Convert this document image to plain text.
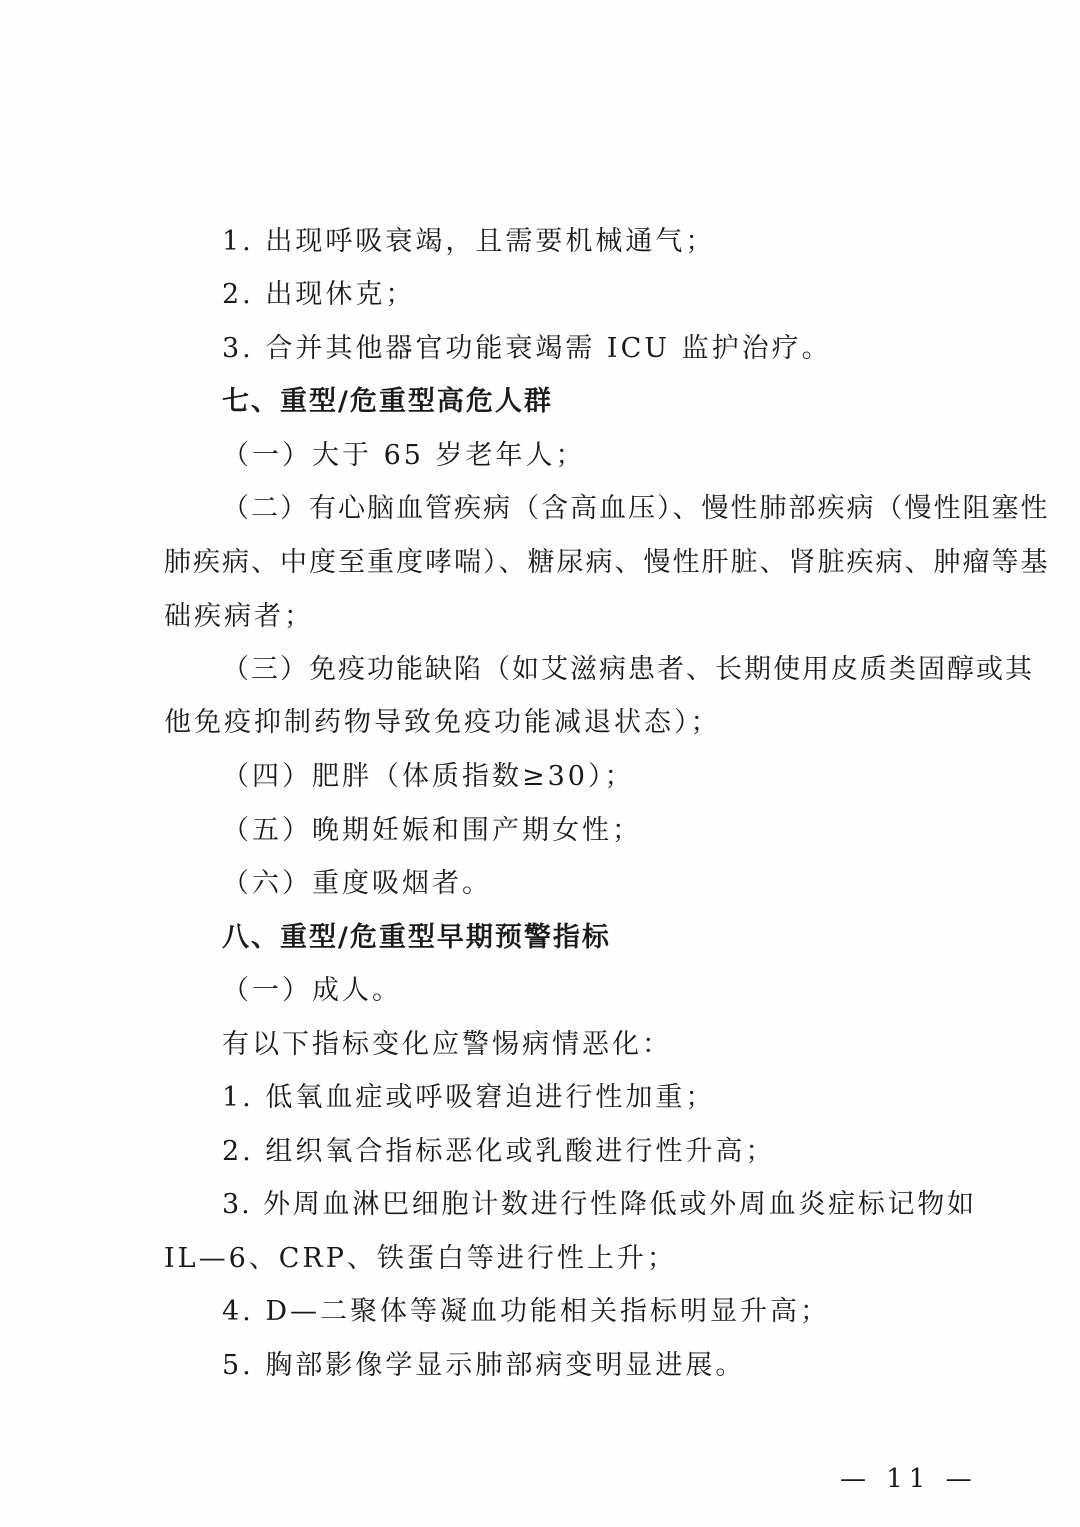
1. 出现呼吸衰竭，且需要机械通气；
2. 出现休克；
3. 合并其他器官功能衰竭需 ICU 监护治疗。
七、重型/危重型高危人群
（一）大于 65 岁老年人；
（二）有心脑血管疾病（含高血压）、慢性肺部疾病（慢性阻塞性
肺疾病、中度至重度哮喘）、糖尿病、慢性肝脏、肾脏疾病、肿瘤等基
础疾病者；
（三）免疫功能缺陷（如艾滋病患者、长期使用皮质类固醇或其
他免疫抑制药物导致免疫功能减退状态）；
（四）肥胖（体质指数≥30）；
（五）晚期妊娠和围产期女性；
（六）重度吸烟者。
八、重型/危重型早期预警指标
（一）成人。
有以下指标变化应警惕病情恶化：
1. 低氧血症或呼吸窘迫进行性加重；
2. 组织氧合指标恶化或乳酸进行性升高；
3. 外周血淋巴细胞计数进行性降低或外周血炎症标记物如
IL—6、CRP、铁蛋白等进行性上升；
4. D—二聚体等凝血功能相关指标明显升高；
5. 胸部影像学显示肺部病变明显进展。
— 11 —
